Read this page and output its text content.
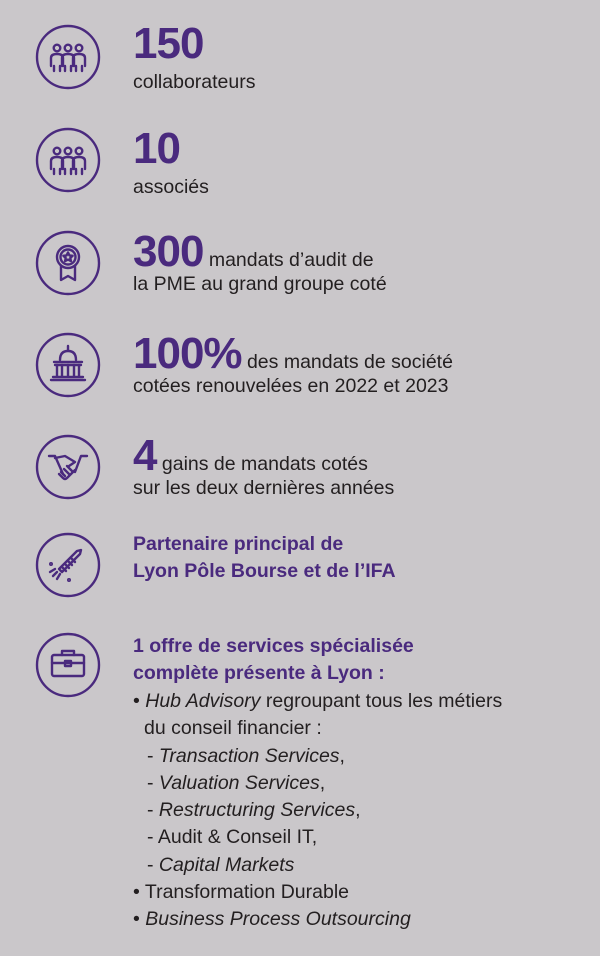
150
collaborateurs
10
associés
300 mandats d’audit de
la PME au grand groupe coté
100% des mandats de société
cotées renouvelées en 2022 et 2023
4 gains de mandats cotés
sur les deux dernières années
Partenaire principal de
Lyon Pôle Bourse et de l’IFA
1 offre de services spécialisée
complète présente à Lyon :
• Hub Advisory regroupant tous les métiers
du conseil financier :
- Transaction Services,
- Valuation Services,
- Restructuring Services,
- Audit & Conseil IT,
- Capital Markets
• Transformation Durable
• Business Process Outsourcing
